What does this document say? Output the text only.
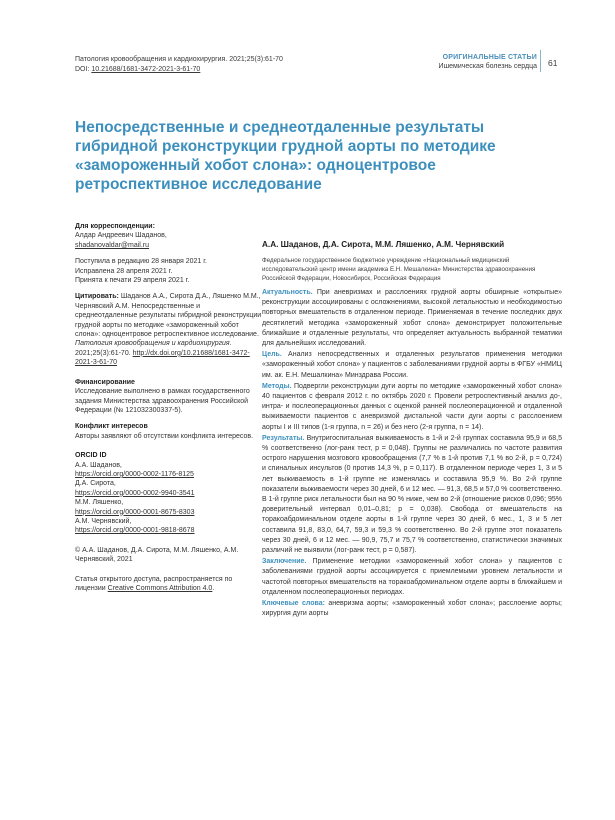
Патология кровообращения и кардиохирургия. 2021;25(3):61-70
DOI: 10.21688/1681-3472-2021-3-61-70
ОРИГИНАЛЬНЫЕ СТАТЬИ
Ишемическая болезнь сердца 61
Непосредственные и среднеотдаленные результаты гибридной реконструкции грудной аорты по методике «замороженный хобот слона»: одноцентровое ретроспективное исследование

Для корреспонденции:

Алдар Андреевич Шаданов,

shadanovaldar@mail.ru

Поступила в редакцию 28 января 2021 г.

Исправлена 28 апреля 2021 г.

Принята к печати 29 апреля 2021 г.

Цитировать: Шаданов А.А., Сирота Д.А., Ляшенко М.М., Чернявский А.М. Непосредственные и среднеотдаленные результаты гибридной реконструкции грудной аорты по методике «замороженный хобот слона»: одноцентровое ретроспективное исследование. Патология кровообращения и кардиохирургия. 2021;25(3):61-70. http://dx.doi.org/10.21688/1681-3472-2021-3-61-70

Финансирование

Исследование выполнено в рамках государственного задания Министерства здравоохранения Российской Федерации (№ 121032300337-5).

Конфликт интересов

Авторы заявляют об отсутствии конфликта интересов.

ORCID ID

А.А. Шаданов,

https://orcid.org/0000-0002-1176-8125

Д.А. Сирота,

https://orcid.org/0000-0002-9940-3541

М.М. Ляшенко,

https://orcid.org/0000-0001-8675-8303

А.М. Чернявский,

https://orcid.org/0000-0001-9818-8678

© А.А. Шаданов, Д.А. Сирота, М.М. Ляшенко, А.М. Чернявский, 2021

Статья открытого доступа, распространяется по лицензии Creative Commons Attribution 4.0.

А.А. Шаданов, Д.А. Сирота, М.М. Ляшенко, А.М. Чернявский
Федеральное государственное бюджетное учреждение «Национальный медицинский исследовательский центр имени академика Е.Н. Мешалкина» Министерства здравоохранения Российской Федерации, Новосибирск, Российская Федерация

Актуальность. При аневризмах и расслоениях грудной аорты обширные «открытые» реконструкции ассоциированы с осложнениями, высокой летальностью и необходимостью повторных вмешательств в отдаленном периоде. Применяемая в течение последних двух десятилетий методика «замороженный хобот слона» демонстрирует положительные ближайшие и отдаленные результаты, что определяет актуальность выбранной тематики для дальнейших исследований.

Цель. Анализ непосредственных и отдаленных результатов применения методики «замороженный хобот слона» у пациентов с заболеваниями грудной аорты в ФГБУ «НМИЦ им. ак. Е.Н. Мешалкина» Минздрава России.

Методы. Подвергли реконструкции дуги аорты по методике «замороженный хобот слона» 40 пациентов с февраля 2012 г. по октябрь 2020 г. Провели ретроспективный анализ до-, интра- и послеоперационных данных с оценкой ранней послеоперационной и отдаленной выживаемости пациентов с аневризмой дистальной части дуги аорты с расслоением аорты I и III типов (1-я группа, n = 26) и без него (2-я группа, n = 14).

Результаты. Внутригоспитальная выживаемость в 1-й и 2-й группах составила 95,9 и 68,5 % соответственно (лог-ранк тест, p = 0,048). Группы не различались по частоте развития острого нарушения мозгового кровообращения (7,7 % в 1-й против 7,1 % во 2-й, p = 0,724) и спинальных инсультов (0 против 14,3 %, p = 0,117). В отдаленном периоде через 1, 3 и 5 лет выживаемость в 1-й группе не изменялась и составила 95,9 %. Во 2-й группе показатели выживаемости через 30 дней, 6 и 12 мес. — 91,3, 68,5 и 57,0 % соответственно. В 1-й группе риск летальности был на 90 % ниже, чем во 2-й (отношение рисков 0,096; 95% доверительный интервал 0,01–0,81; p = 0,038). Свобода от вмешательств на торакоабдоминальном отделе аорты в 1-й группе через 30 дней, 6 мес., 1, 3 и 5 лет составила 91,8, 83,0, 64,7, 59,3 и 59,3 % соответственно. Во 2-й группе этот показатель через 30 дней, 6 и 12 мес. — 90,9, 75,7 и 75,7 % соответственно, статистически значимых различий не выявили (лог-ранк тест, p = 0,587).

Заключение. Применение методики «замороженный хобот слона» у пациентов с заболеваниями грудной аорты ассоциируется с приемлемыми уровнем летальности и частотой повторных вмешательств на торакоабдоминальном отделе аорты в ближайшем и отдаленном послеоперационных периодах.

Ключевые слова: аневризма аорты; «замороженный хобот слона»; расслоение аорты; хирургия дуги аорты
